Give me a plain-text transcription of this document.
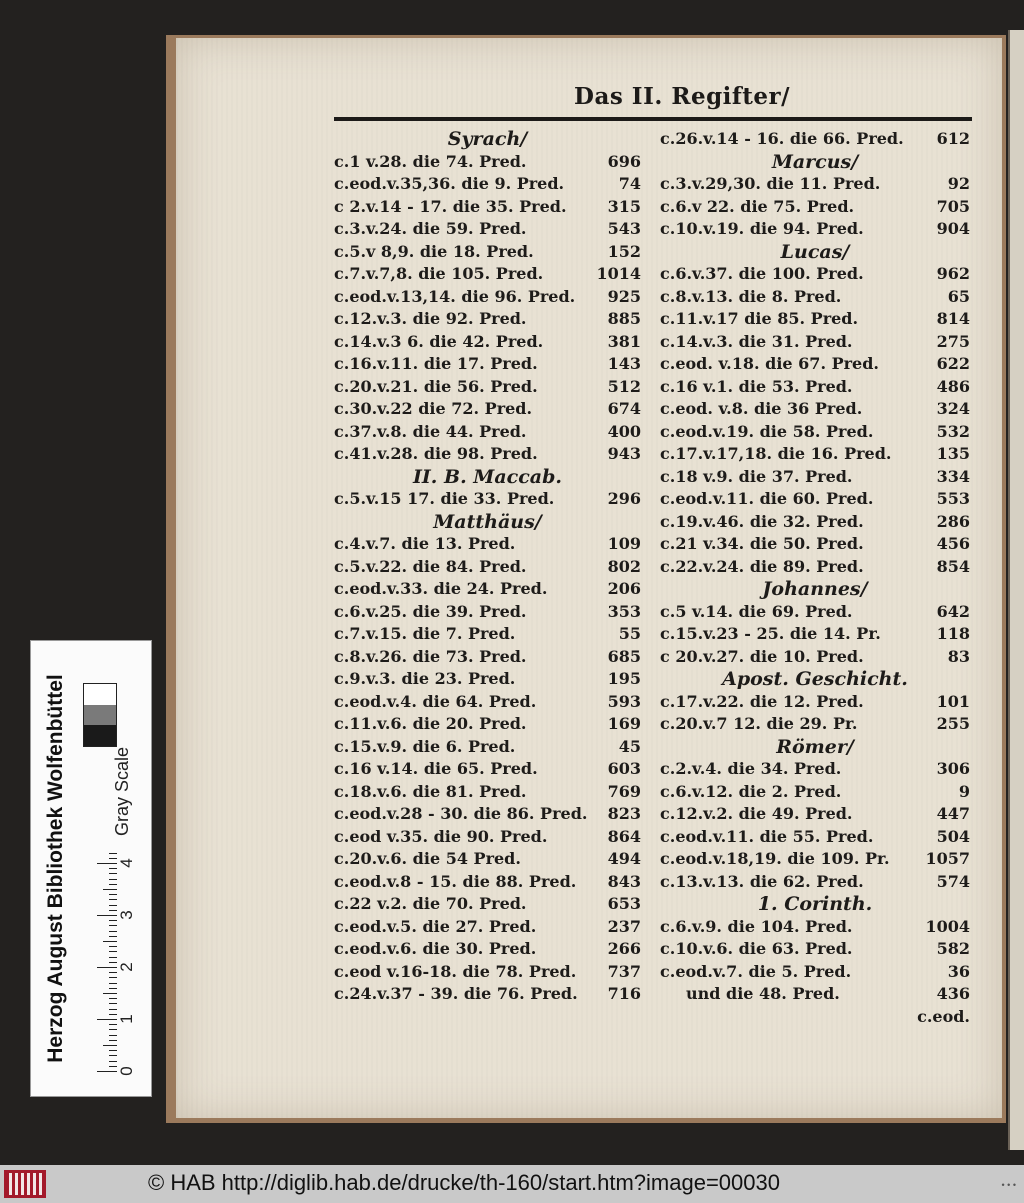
Das II. Regifter/
Syrach/
c.1 v.28. die 74. Pred.	696
c.eod.v.35,36. die 9. Pred.	74
c 2.v.14 - 17. die 35. Pred.	315
c.3.v.24. die 59. Pred.	543
c.5.v 8,9. die 18. Pred.	152
c.7.v.7,8. die 105. Pred.	1014
c.eod.v.13,14. die 96. Pred. 925
c.12.v.3. die 92. Pred.	885
c.14.v.3 6. die 42. Pred.	381
c.16.v.11. die 17. Pred.	143
c.20.v.21. die 56. Pred.	512
c.30.v.22 die 72. Pred.	674
c.37.v.8. die 44. Pred.	400
c.41.v.28. die 98. Pred.	943
II. B. Maccab.
c.5.v.15 17. die 33. Pred.	296
Matthäus/
c.4.v.7. die 13. Pred.	109
c.5.v.22. die 84. Pred.	802
c.eod.v.33. die 24. Pred.	206
c.6.v.25. die 39. Pred.	353
c.7.v.15. die 7. Pred.	55
c.8.v.26. die 73. Pred.	685
c.9.v.3. die 23. Pred.	195
c.eod.v.4. die 64. Pred.	593
c.11.v.6. die 20. Pred.	169
c.15.v.9. die 6. Pred.	45
c.16 v.14. die 65. Pred.	603
c.18.v.6. die 81. Pred.	769
c.eod.v.28 - 30. die 86. Pred. 823
c.eod v.35. die 90. Pred.	864
c.20.v.6. die 54 Pred.	494
c.eod.v.8 - 15. die 88. Pred. 843
c.22 v.2. die 70. Pred.	653
c.eod.v.5. die 27. Pred.	237
c.eod.v.6. die 30. Pred.	266
c.eod v.16-18. die 78. Pred. 737
c.24.v.37 - 39. die 76. Pred. 716
c.26.v.14 - 16. die 66. Pred. 612
Marcus/
c.3.v.29,30. die 11. Pred.	92
c.6.v 22. die 75. Pred.	705
c.10.v.19. die 94. Pred.	904
Lucas/
c.6.v.37. die 100. Pred.	962
c.8.v.13. die 8. Pred.	65
c.11.v.17 die 85. Pred.	814
c.14.v.3. die 31. Pred.	275
c.eod. v.18. die 67. Pred.	622
c.16 v.1. die 53. Pred.	486
c.eod. v.8. die 36 Pred.	324
c.eod.v.19. die 58. Pred.	532
c.17.v.17,18. die 16. Pred.	135
c.18 v.9. die 37. Pred.	334
c.eod.v.11. die 60. Pred.	553
c.19.v.46. die 32. Pred.	286
c.21 v.34. die 50. Pred.	456
c.22.v.24. die 89. Pred.	854
Johannes/
c.5 v.14. die 69. Pred.	642
c.15.v.23 - 25. die 14. Pr.	118
c 20.v.27. die 10. Pred.	83
Apost. Geschicht.
c.17.v.22. die 12. Pred.	101
c.20.v.7 12. die 29. Pr.	255
Römer/
c.2.v.4. die 34. Pred.	306
c.6.v.12. die 2. Pred.	9
c.12.v.2. die 49. Pred.	447
c.eod.v.11. die 55. Pred.	504
c.eod.v.18,19. die 109. Pr. 1057
c.13.v.13. die 62. Pred.	574
1. Corinth.
c.6.v.9. die 104. Pred.	1004
c.10.v.6. die 63. Pred.	582
c.eod.v.7. die 5. Pred.	36
und die 48. Pred.	436
c.eod.
Herzog August Bibliothek Wolfenbüttel	Gray Scale
0
1
2
3
4
© HAB http://diglib.hab.de/drucke/th-160/start.htm?image=00030	• • •
